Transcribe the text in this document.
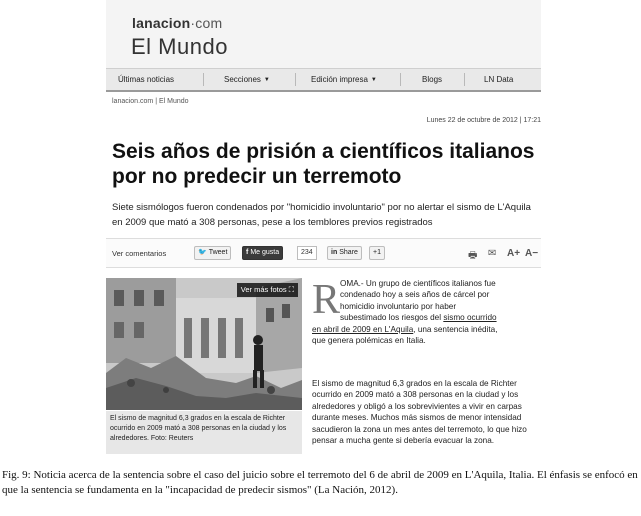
lanacion·com
El Mundo
Últimas noticias	Secciones ▼	Edición impresa ▼	Blogs	LN Data
lanacion.com | El Mundo
Lunes 22 de octubre de 2012 | 17:21
Seis años de prisión a científicos italianos por no predecir un terremoto

Siete sismólogos fueron condenados por "homicidio involuntario" por no alertar el sismo de L'Aquila en 2009 que mató a 308 personas, pese a los temblores previos registrados

Ver comentarios	🐦 Tweet	f Me gusta	234	in Share	+1	🖶 ✉ A+ A−
Ver más fotos ⛶
El sismo de magnitud 6,3 grados en la escala de Richter ocurrido en 2009 mató a 308 personas en la ciudad y los alrededores. Foto: Reuters
R OMA.- Un grupo de científicos italianos fue
condenado hoy a seis años de cárcel por
homicidio involuntario por haber
subestimado los riesgos del sismo ocurrido
en abril de 2009 en L'Aquila, una sentencia inédita,
que genera polémicas en Italia.

El sismo de magnitud 6,3 grados en la escala de Richter ocurrido en 2009 mató a 308 personas en la ciudad y los alrededores y obligó a los sobrevivientes a vivir en carpas durante meses. Muchos más sismos de menor intensidad sacudieron la zona un mes antes del terremoto, lo que hizo pensar a mucha gente si debería evacuar la zona.

Fig. 9: Noticia acerca de la sentencia sobre el caso del juicio sobre el terremoto del 6 de abril de 2009 en L'Aquila, Italia. El énfasis se enfocó en que la sentencia se fundamenta en la "incapacidad de predecir sismos" (La Nación, 2012).
